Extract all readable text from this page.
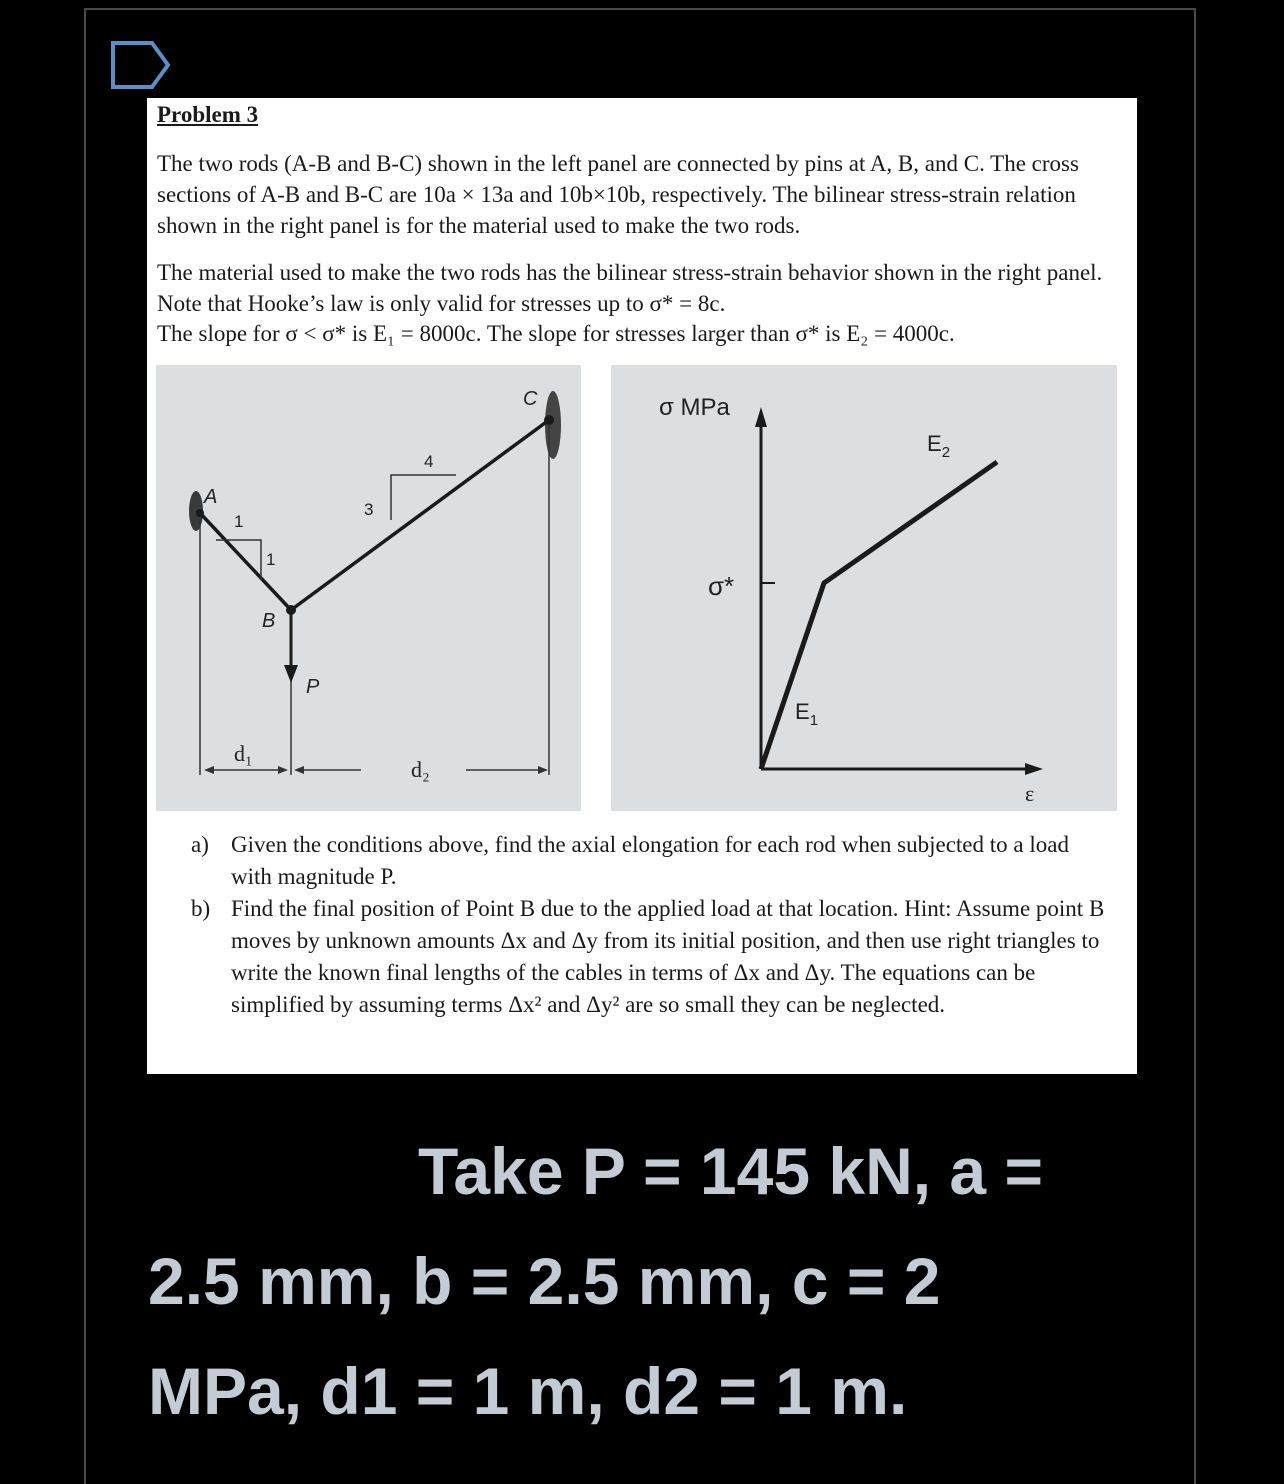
Problem 3

The two rods (A-B and B-C) shown in the left panel are connected by pins at A, B, and C. The cross sections of A-B and B-C are 10a × 13a and 10b×10b, respectively. The bilinear stress-strain relation shown in the right panel is for the material used to make the two rods.

The material used to make the two rods has the bilinear stress-strain behavior shown in the right panel. Note that Hooke’s law is only valid for stresses up to σ* = 8c.

The slope for σ < σ* is E₁ = 8000c. The slope for stresses larger than σ* is E₂ = 4000c.

A
1
1
B
3
4
C
P
d₁
d₂
σ MPa
σ*
$E_2$
$E_1$
ε
a) Given the conditions above, find the axial elongation for each rod when subjected to a load with magnitude P.
b) Find the final position of Point B due to the applied load at that location. Hint: Assume point B moves by unknown amounts Δx and Δy from its initial position, and then use right triangles to write the known final lengths of the cables in terms of Δx and Δy. The equations can be simplified by assuming terms Δx² and Δy² are so small they can be neglected.
Take P = 145 kN, a =
2.5 mm, b = 2.5 mm, c = 2
MPa, d1 = 1 m, d2 = 1 m.
